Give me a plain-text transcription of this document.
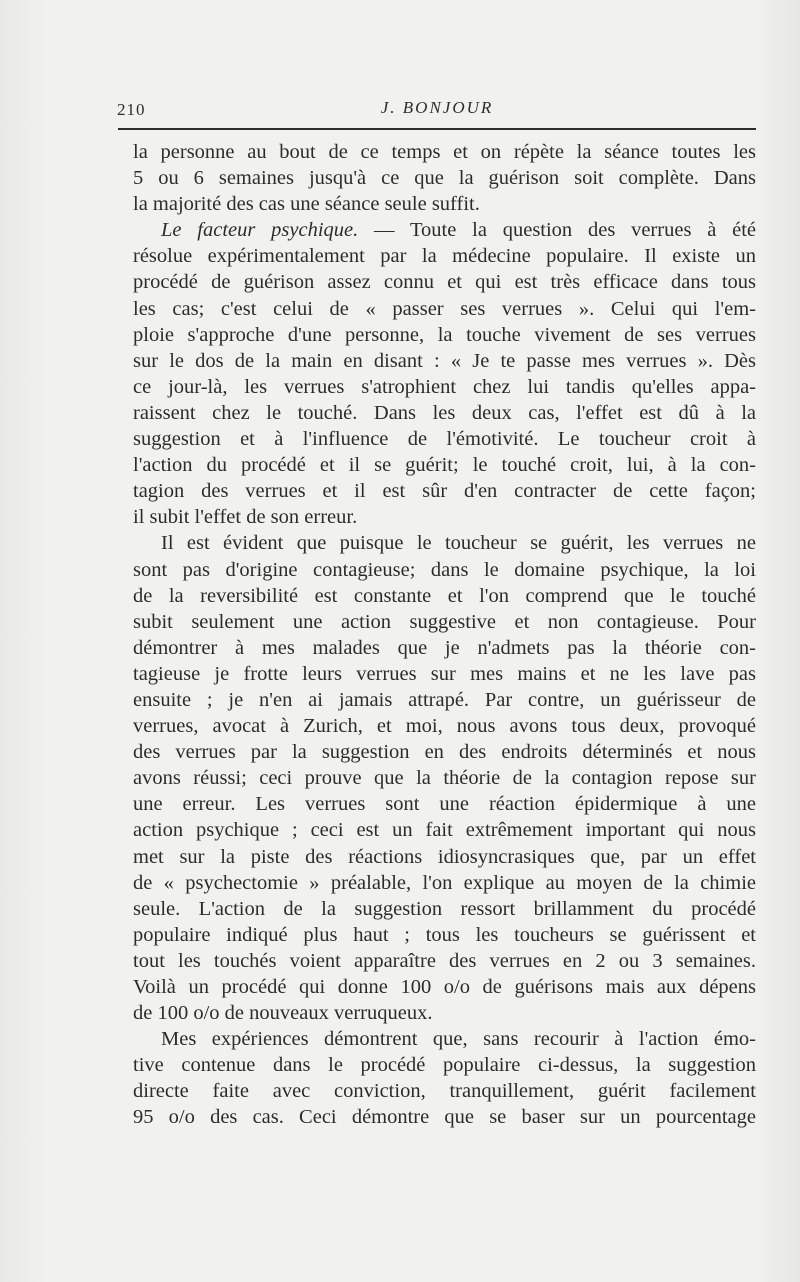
210	J. BONJOUR
la personne au bout de ce temps et on répète la séance toutes les
5 ou 6 semaines jusqu'à ce que la guérison soit complète. Dans
la majorité des cas une séance seule suffit.
Le facteur psychique. — Toute la question des verrues à été
résolue expérimentalement par la médecine populaire. Il existe un
procédé de guérison assez connu et qui est très efficace dans tous
les cas; c'est celui de « passer ses verrues ». Celui qui l'em-
ploie s'approche d'une personne, la touche vivement de ses verrues
sur le dos de la main en disant : « Je te passe mes verrues ». Dès
ce jour-là, les verrues s'atrophient chez lui tandis qu'elles appa-
raissent chez le touché. Dans les deux cas, l'effet est dû à la
suggestion et à l'influence de l'émotivité. Le toucheur croit à
l'action du procédé et il se guérit; le touché croit, lui, à la con-
tagion des verrues et il est sûr d'en contracter de cette façon;
il subit l'effet de son erreur.
Il est évident que puisque le toucheur se guérit, les verrues ne
sont pas d'origine contagieuse; dans le domaine psychique, la loi
de la reversibilité est constante et l'on comprend que le touché
subit seulement une action suggestive et non contagieuse. Pour
démontrer à mes malades que je n'admets pas la théorie con-
tagieuse je frotte leurs verrues sur mes mains et ne les lave pas
ensuite ; je n'en ai jamais attrapé. Par contre, un guérisseur de
verrues, avocat à Zurich, et moi, nous avons tous deux, provoqué
des verrues par la suggestion en des endroits déterminés et nous
avons réussi; ceci prouve que la théorie de la contagion repose sur
une erreur. Les verrues sont une réaction épidermique à une
action psychique ; ceci est un fait extrêmement important qui nous
met sur la piste des réactions idiosyncrasiques que, par un effet
de « psychectomie » préalable, l'on explique au moyen de la chimie
seule. L'action de la suggestion ressort brillamment du procédé
populaire indiqué plus haut ; tous les toucheurs se guérissent et
tout les touchés voient apparaître des verrues en 2 ou 3 semaines.
Voilà un procédé qui donne 100 o/o de guérisons mais aux dépens
de 100 o/o de nouveaux verruqueux.
Mes expériences démontrent que, sans recourir à l'action émo-
tive contenue dans le procédé populaire ci-dessus, la suggestion
directe faite avec conviction, tranquillement, guérit facilement
95 o/o des cas. Ceci démontre que se baser sur un pourcentage
